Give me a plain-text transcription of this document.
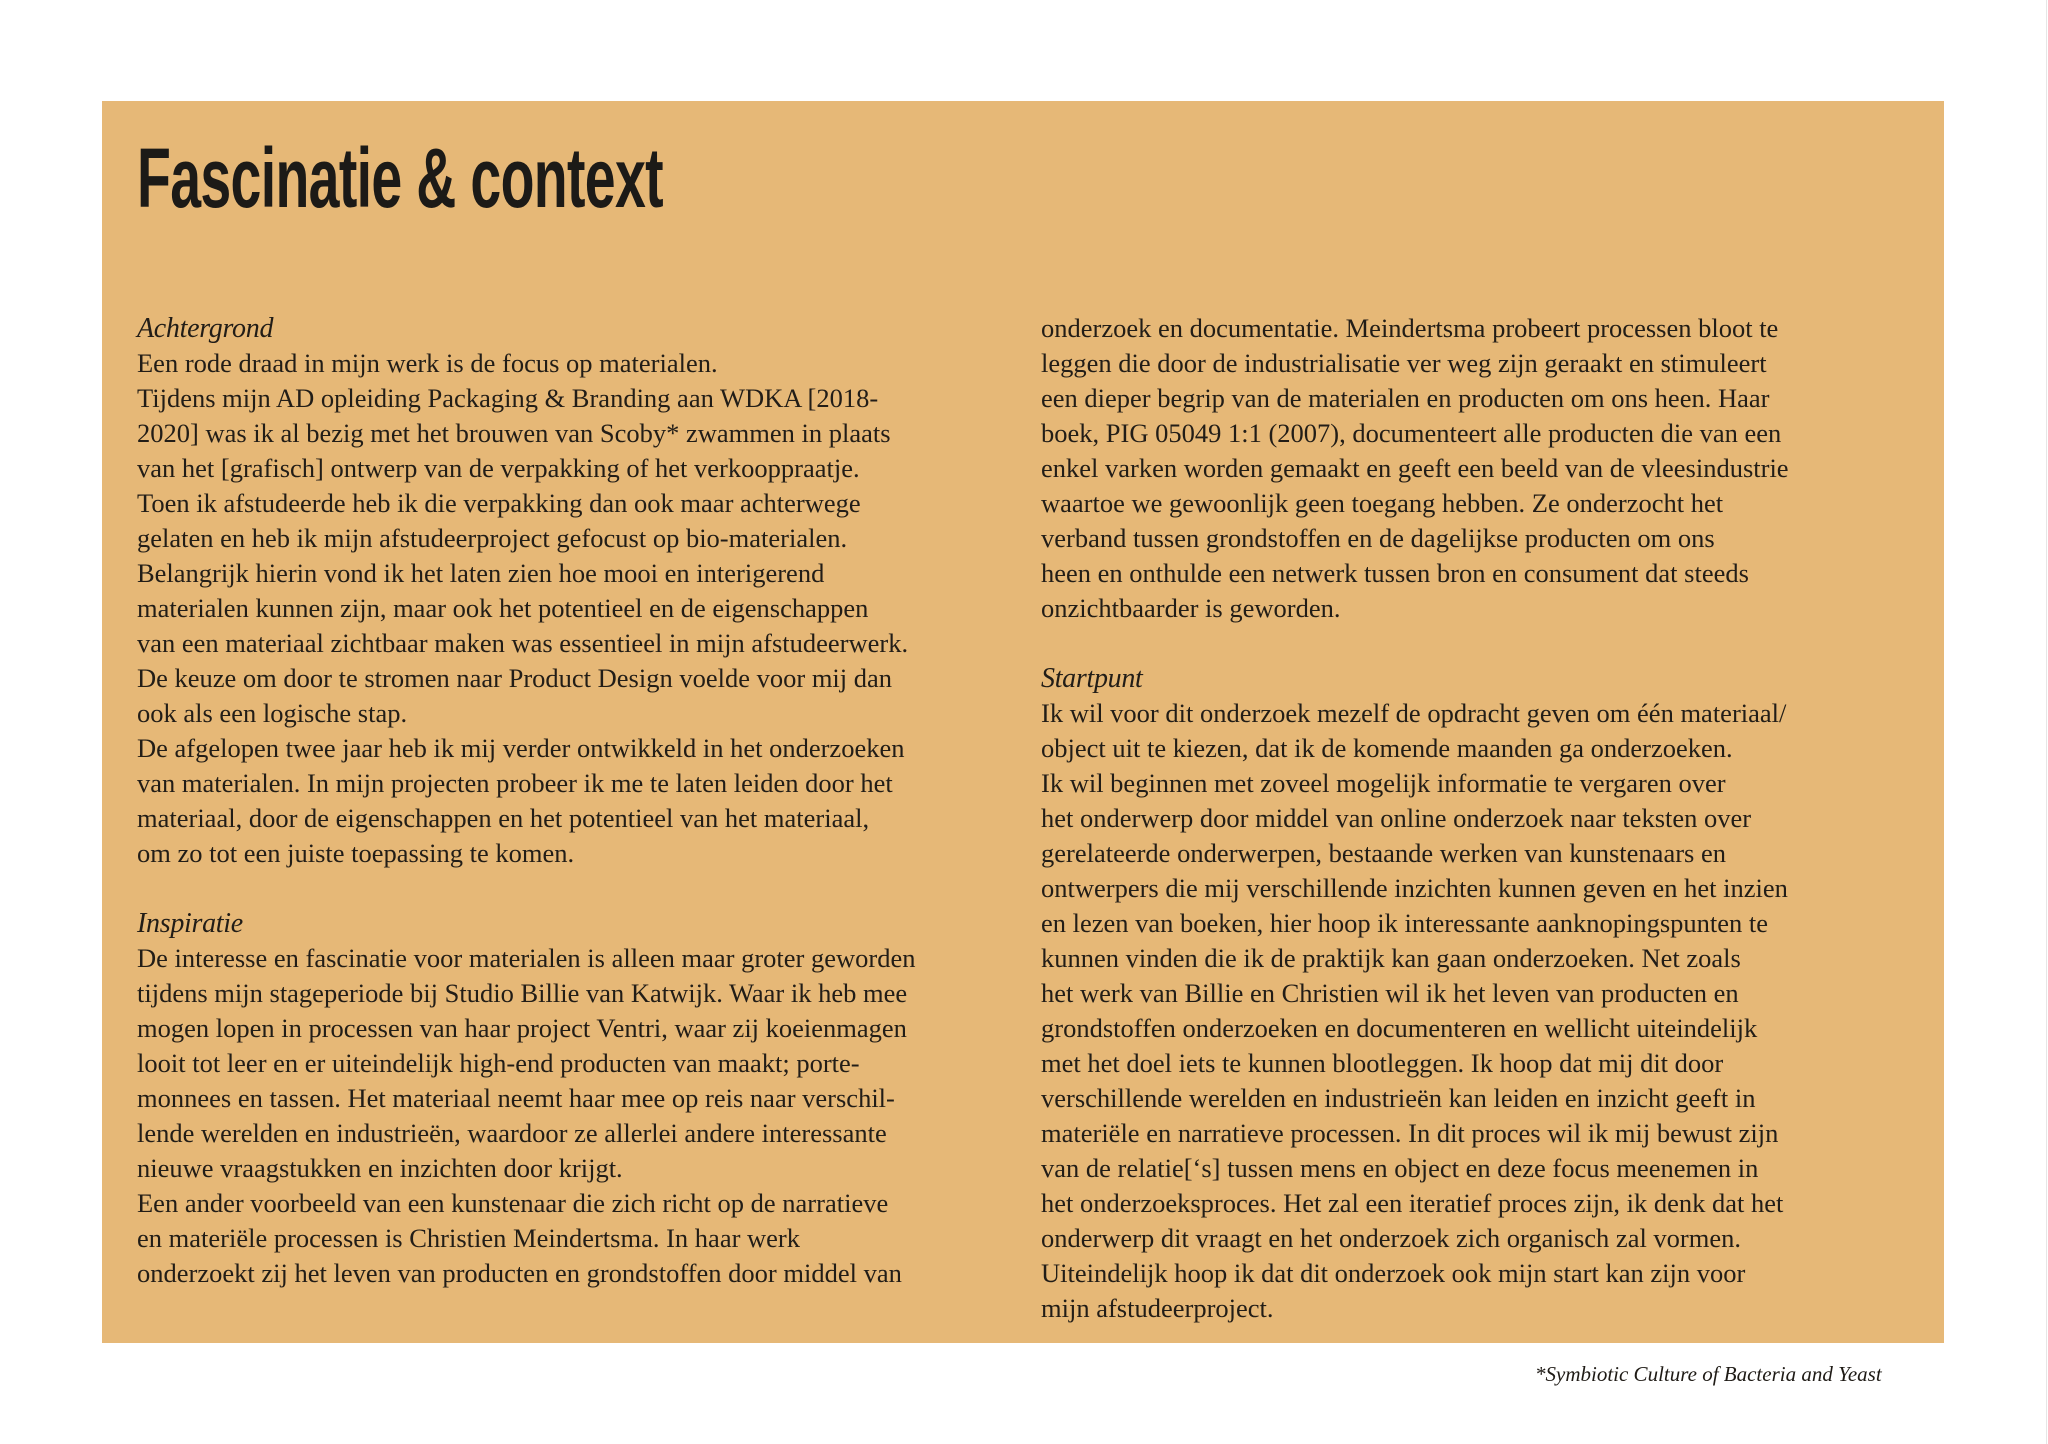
Fascinatie & context
Achtergrond
Een rode draad in mijn werk is de focus op materialen.
Tijdens mijn AD opleiding Packaging & Branding aan WDKA [2018-
2020] was ik al bezig met het brouwen van Scoby* zwammen in plaats
van het [grafisch] ontwerp van de verpakking of het verkooppraatje.
Toen ik afstudeerde heb ik die verpakking dan ook maar achterwege
gelaten en heb ik mijn afstudeerproject gefocust op bio-materialen.
Belangrijk hierin vond ik het laten zien hoe mooi en interigerend
materialen kunnen zijn, maar ook het potentieel en de eigenschappen
van een materiaal zichtbaar maken was essentieel in mijn afstudeerwerk.
De keuze om door te stromen naar Product Design voelde voor mij dan
ook als een logische stap.
De afgelopen twee jaar heb ik mij verder ontwikkeld in het onderzoeken
van materialen. In mijn projecten probeer ik me te laten leiden door het
materiaal, door de eigenschappen en het potentieel van het materiaal,
om zo tot een juiste toepassing te komen.
Inspiratie
De interesse en fascinatie voor materialen is alleen maar groter geworden
tijdens mijn stageperiode bij Studio Billie van Katwijk. Waar ik heb mee
mogen lopen in processen van haar project Ventri, waar zij koeienmagen
looit tot leer en er uiteindelijk high-end producten van maakt; porte-
monnees en tassen. Het materiaal neemt haar mee op reis naar verschil-
lende werelden en industrieën, waardoor ze allerlei andere interessante
nieuwe vraagstukken en inzichten door krijgt.
Een ander voorbeeld van een kunstenaar die zich richt op de narratieve
en materiële processen is Christien Meindertsma. In haar werk
onderzoekt zij het leven van producten en grondstoffen door middel van
onderzoek en documentatie. Meindertsma probeert processen bloot te
leggen die door de industrialisatie ver weg zijn geraakt en stimuleert
een dieper begrip van de materialen en producten om ons heen. Haar
boek, PIG 05049 1:1 (2007), documenteert alle producten die van een
enkel varken worden gemaakt en geeft een beeld van de vleesindustrie
waartoe we gewoonlijk geen toegang hebben. Ze onderzocht het
verband tussen grondstoffen en de dagelijkse producten om ons
heen en onthulde een netwerk tussen bron en consument dat steeds
onzichtbaarder is geworden.
Startpunt
Ik wil voor dit onderzoek mezelf de opdracht geven om één materiaal/
object uit te kiezen, dat ik de komende maanden ga onderzoeken.
Ik wil beginnen met zoveel mogelijk informatie te vergaren over
het onderwerp door middel van online onderzoek naar teksten over
gerelateerde onderwerpen, bestaande werken van kunstenaars en
ontwerpers die mij verschillende inzichten kunnen geven en het inzien
en lezen van boeken, hier hoop ik interessante aanknopingspunten te
kunnen vinden die ik de praktijk kan gaan onderzoeken. Net zoals
het werk van Billie en Christien wil ik het leven van producten en
grondstoffen onderzoeken en documenteren en wellicht uiteindelijk
met het doel iets te kunnen blootleggen. Ik hoop dat mij dit door
verschillende werelden en industrieën kan leiden en inzicht geeft in
materiële en narratieve processen. In dit proces wil ik mij bewust zijn
van de relatie[‘s] tussen mens en object en deze focus meenemen in
het onderzoeksproces. Het zal een iteratief proces zijn, ik denk dat het
onderwerp dit vraagt en het onderzoek zich organisch zal vormen.
Uiteindelijk hoop ik dat dit onderzoek ook mijn start kan zijn voor
mijn afstudeerproject.
*Symbiotic Culture of Bacteria and Yeast
